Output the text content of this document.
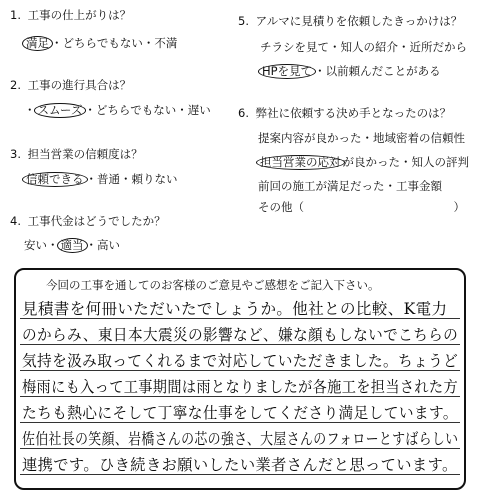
1. 工事の仕上がりは？
満足 ・どちらでもない・不満
2. 工事の進行具合は？
・ スムーズ ・どちらでもない・遅い
3. 担当営業の信頼度は？
信頼できる ・普通・頼りない
4. 工事代金はどうでしたか？
安い・ 適当 ・高い
5. アルマに見積りを依頼したきっかけは？
チラシを見て・知人の紹介・近所だから
HPを見て ・以前頼んだことがある
6. 弊社に依頼する決め手となったのは？
提案内容が良かった・地域密着の信頼性
担当営業の応対 が良かった・知人の評判
前回の施工が満足だった・工事金額
その他（　　　　　　　　　　　　　）
今回の工事を通してのお客様のご意見やご感想をご記入下さい。
見積書を何冊いただいたでしょうか。他社との比較、K電力
のからみ、東日本大震災の影響など、嫌な顔もしないでこちらの
気持を汲み取ってくれるまで対応していただきました。ちょうど
梅雨にも入って工事期間は雨となりましたが各施工を担当された方
たちも熱心にそして丁寧な仕事をしてくださり満足しています。
佐伯社長の笑顔、岩橋さんの芯の強さ、大屋さんのフォローとすばらしい
連携です。ひき続きお願いしたい業者さんだと思っています。
